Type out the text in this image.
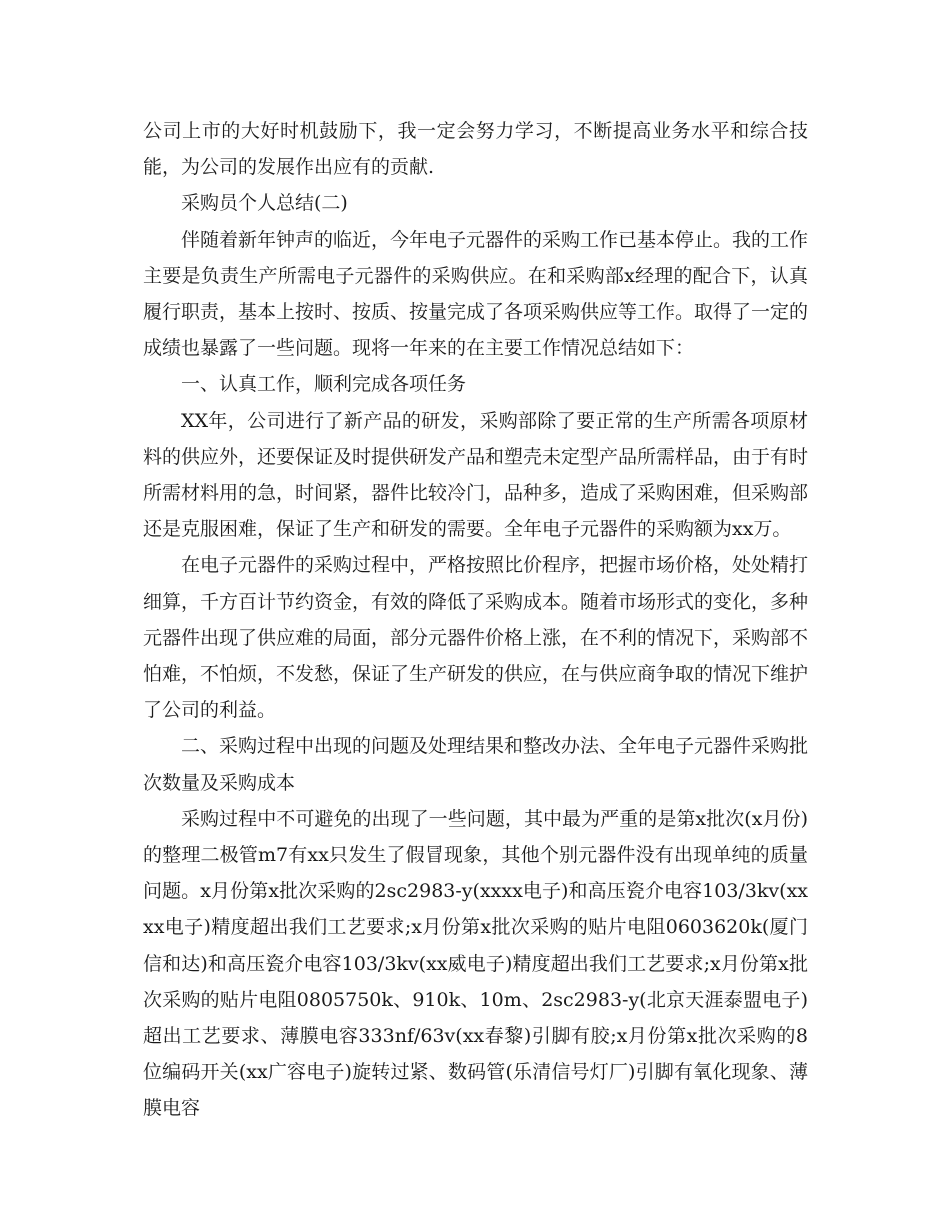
公司上市的大好时机鼓励下，我一定会努力学习，不断提高业务水平和综合技能，为公司的发展作出应有的贡献.

采购员个人总结(二)

伴随着新年钟声的临近，今年电子元器件的采购工作已基本停止。我的工作主要是负责生产所需电子元器件的采购供应。在和采购部x经理的配合下，认真履行职责，基本上按时、按质、按量完成了各项采购供应等工作。取得了一定的成绩也暴露了一些问题。现将一年来的在主要工作情况总结如下：

一、认真工作，顺利完成各项任务

XX年，公司进行了新产品的研发，采购部除了要正常的生产所需各项原材料的供应外，还要保证及时提供研发产品和塑壳未定型产品所需样品，由于有时所需材料用的急，时间紧，器件比较冷门，品种多，造成了采购困难，但采购部还是克服困难，保证了生产和研发的需要。全年电子元器件的采购额为xx万。

在电子元器件的采购过程中，严格按照比价程序，把握市场价格，处处精打细算，千方百计节约资金，有效的降低了采购成本。随着市场形式的变化，多种元器件出现了供应难的局面，部分元器件价格上涨，在不利的情况下，采购部不怕难，不怕烦，不发愁，保证了生产研发的供应，在与供应商争取的情况下维护了公司的利益。

二、采购过程中出现的问题及处理结果和整改办法、全年电子元器件采购批次数量及采购成本

采购过程中不可避免的出现了一些问题，其中最为严重的是第x批次(x月份)的整理二极管m7有xx只发生了假冒现象，其他个别元器件没有出现单纯的质量问题。x月份第x批次采购的2sc2983-y(xxxx电子)和高压瓷介电容103/3kv(xxxx电子)精度超出我们工艺要求;x月份第x批次采购的贴片电阻0603620k(厦门信和达)和高压瓷介电容103/3kv(xx威电子)精度超出我们工艺要求;x月份第x批次采购的贴片电阻0805750k、910k、10m、2sc2983-y(北京天涯泰盟电子)超出工艺要求、薄膜电容333nf/63v(xx春黎)引脚有胶;x月份第x批次采购的8位编码开关(xx广容电子)旋转过紧、数码管(乐清信号灯厂)引脚有氧化现象、薄膜电容
